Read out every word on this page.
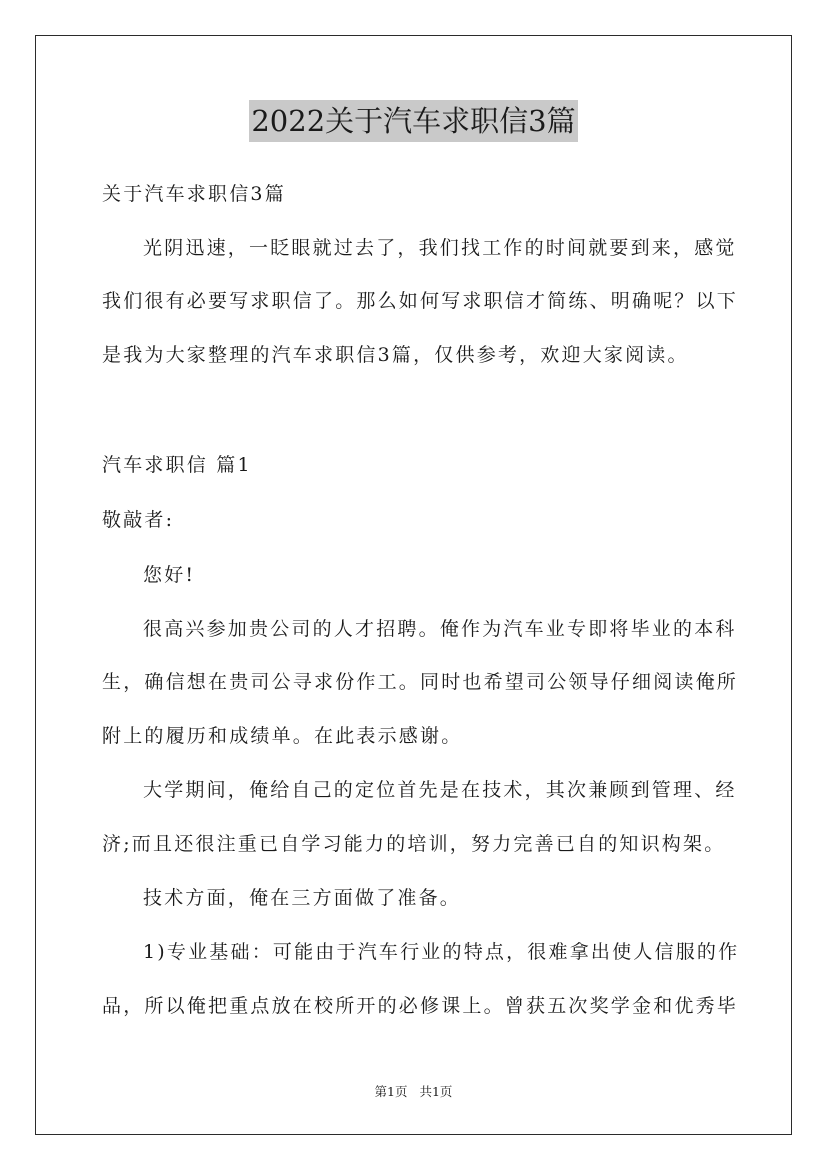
2022关于汽车求职信3篇
关于汽车求职信3篇
光阴迅速，一眨眼就过去了，我们找工作的时间就要到来，感觉
我们很有必要写求职信了。那么如何写求职信才简练、明确呢？以下
是我为大家整理的汽车求职信3篇，仅供参考，欢迎大家阅读。
汽车求职信 篇1
敬敲者:
您好!
很高兴参加贵公司的人才招聘。俺作为汽车业专即将毕业的本科
生，确信想在贵司公寻求份作工。同时也希望司公领导仔细阅读俺所
附上的履历和成绩单。在此表示感谢。
大学期间，俺给自己的定位首先是在技术，其次兼顾到管理、经
济;而且还很注重已自学习能力的培训，努力完善已自的知识构架。
技术方面，俺在三方面做了准备。
1)专业基础：可能由于汽车行业的特点，很难拿出使人信服的作
品，所以俺把重点放在校所开的必修课上。曾获五次奖学金和优秀毕
第1页 共1页
